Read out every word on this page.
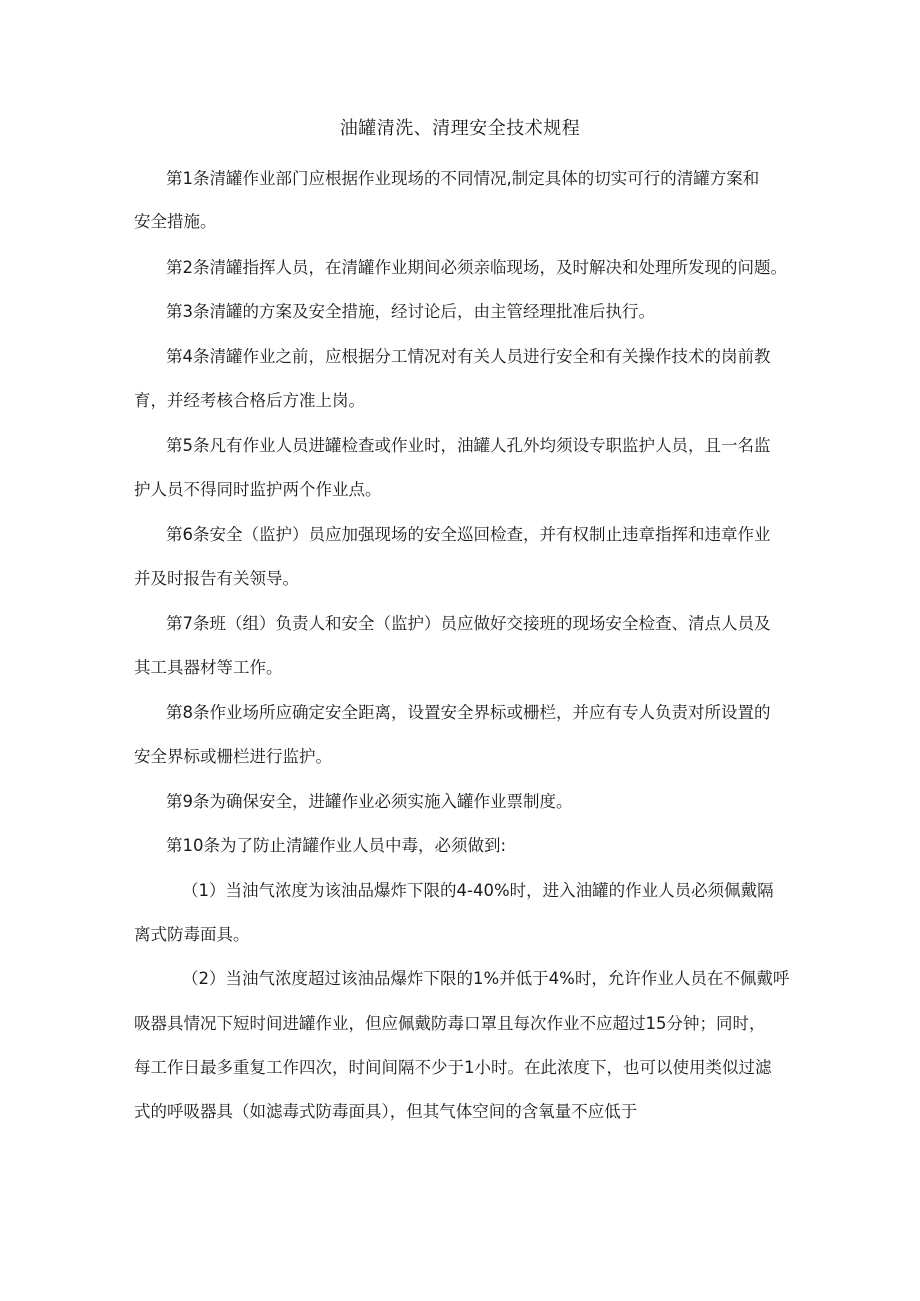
油罐清洗、清理安全技术规程
第1条清罐作业部门应根据作业现场的不同情况,制定具体的切实可行的清罐方案和
安全措施。
第2条清罐指挥人员，在清罐作业期间必须亲临现场，及时解决和处理所发现的问题。
第3条清罐的方案及安全措施，经讨论后，由主管经理批准后执行。
第4条清罐作业之前，应根据分工情况对有关人员进行安全和有关操作技术的岗前教
育，并经考核合格后方准上岗。
第5条凡有作业人员进罐检查或作业时，油罐人孔外均须设专职监护人员，且一名监
护人员不得同时监护两个作业点。
第6条安全（监护）员应加强现场的安全巡回检查，并有权制止违章指挥和违章作业
并及时报告有关领导。
第7条班（组）负责人和安全（监护）员应做好交接班的现场安全检查、清点人员及
其工具器材等工作。
第8条作业场所应确定安全距离，设置安全界标或栅栏，并应有专人负责对所设置的
安全界标或栅栏进行监护。
第9条为确保安全，进罐作业必须实施入罐作业票制度。
第10条为了防止清罐作业人员中毒，必须做到:
（1）当油气浓度为该油品爆炸下限的4-40%时，进入油罐的作业人员必须佩戴隔
离式防毒面具。
（2）当油气浓度超过该油品爆炸下限的1%并低于4%时，允许作业人员在不佩戴呼
吸器具情况下短时间进罐作业，但应佩戴防毒口罩且每次作业不应超过15分钟；同时，
每工作日最多重复工作四次，时间间隔不少于1小时。在此浓度下，也可以使用类似过滤
式的呼吸器具（如滤毒式防毒面具），但其气体空间的含氧量不应低于
